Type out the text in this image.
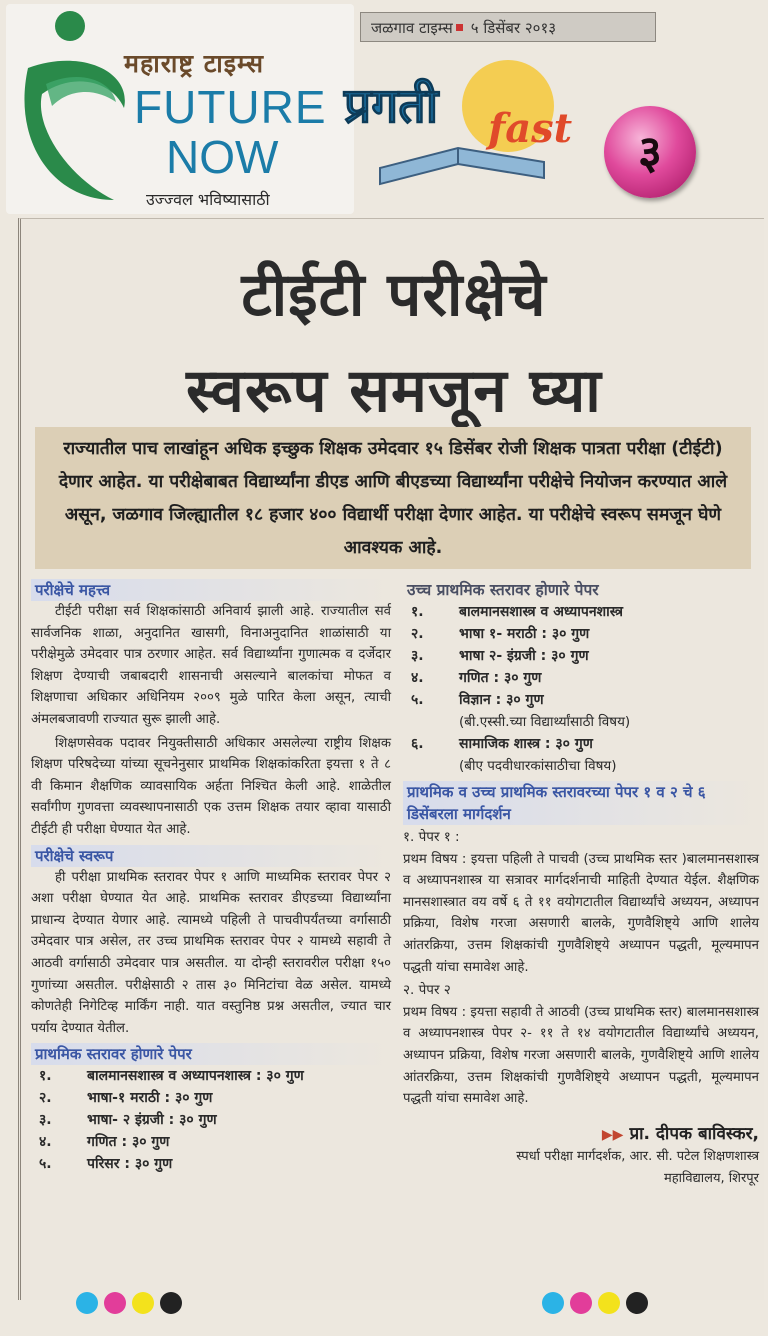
महाराष्ट्र टाइम्स
FUTURE
NOW
उज्ज्वल भविष्यासाठी
जळगाव टाइम्स ५ डिसेंबर २०१३
प्रगती fast	३
टीईटी परीक्षेचे
स्वरूप समजून घ्या
राज्यातील पाच लाखांहून अधिक इच्छुक शिक्षक उमेदवार १५ डिसेंबर रोजी शिक्षक पात्रता परीक्षा (टीईटी) देणार आहेत. या परीक्षेबाबत विद्यार्थ्यांना डीएड आणि बीएडच्या विद्यार्थ्यांना परीक्षेचे नियोजन करण्यात आले असून, जळगाव जिल्ह्यातील १८ हजार ४०० विद्यार्थी परीक्षा देणार आहेत. या परीक्षेचे स्वरूप समजून घेणे आवश्यक आहे.
परीक्षेचे महत्त्व

टीईटी परीक्षा सर्व शिक्षकांसाठी अनिवार्य झाली आहे. राज्यातील सर्व सार्वजनिक शाळा, अनुदानित खासगी, विनाअनुदानित शाळांसाठी या परीक्षेमुळे उमेदवार पात्र ठरणार आहेत. सर्व विद्यार्थ्यांना गुणात्मक व दर्जेदार शिक्षण देण्याची जबाबदारी शासनाची असल्याने बालकांचा मोफत व शिक्षणाचा अधिकार अधिनियम २००९ मुळे पारित केला असून, त्याची अंमलबजावणी राज्यात सुरू झाली आहे.

शिक्षणसेवक पदावर नियुक्तीसाठी अधिकार असलेल्या राष्ट्रीय शिक्षक शिक्षण परिषदेच्या यांच्या सूचनेनुसार प्राथमिक शिक्षकांकरिता इयत्ता १ ते ८ वी किमान शैक्षणिक व्यावसायिक अर्हता निश्चित केली आहे. शाळेतील सर्वांगीण गुणवत्ता व्यवस्थापनासाठी एक उत्तम शिक्षक तयार व्हावा यासाठी टीईटी ही परीक्षा घेण्यात येत आहे.

परीक्षेचे स्वरूप

ही परीक्षा प्राथमिक स्तरावर पेपर १ आणि माध्यमिक स्तरावर पेपर २ अशा परीक्षा घेण्यात येत आहे. प्राथमिक स्तरावर डीएडच्या विद्यार्थ्यांना प्राधान्य देण्यात येणार आहे. त्यामध्ये पहिली ते पाचवीपर्यंतच्या वर्गासाठी उमेदवार पात्र असेल, तर उच्च प्राथमिक स्तरावर पेपर २ यामध्ये सहावी ते आठवी वर्गासाठी उमेदवार पात्र असतील. या दोन्ही स्तरावरील परीक्षा १५० गुणांच्या असतील. परीक्षेसाठी २ तास ३० मिनिटांचा वेळ असेल. यामध्ये कोणतेही निगेटिव्ह मार्किंग नाही. यात वस्तुनिष्ठ प्रश्न असतील, ज्यात चार पर्याय देण्यात येतील.

प्राथमिक स्तरावर होणारे पेपर
१.	बालमानसशास्त्र व अध्यापनशास्त्र : ३० गुण
२.	भाषा-१ मराठी : ३० गुण
३.	भाषा- २ इंग्रजी : ३० गुण
४.	गणित : ३० गुण
५.	परिसर : ३० गुण
उच्च प्राथमिक स्तरावर होणारे पेपर
१.	बालमानसशास्त्र व अध्यापनशास्त्र
२.	भाषा १- मराठी : ३० गुण
३.	भाषा २- इंग्रजी : ३० गुण
४.	गणित : ३० गुण
५.	विज्ञान : ३० गुण
(बी.एस्सी.च्या विद्यार्थ्यांसाठी विषय)
६.	सामाजिक शास्त्र : ३० गुण
(बीए पदवीधारकांसाठीचा विषय)
प्राथमिक व उच्च प्राथमिक स्तरावरच्या पेपर १ व २ चे ६ डिसेंबरला मार्गदर्शन
१. पेपर १ :

प्रथम विषय : इयत्ता पहिली ते पाचवी (उच्च प्राथमिक स्तर )बालमानसशास्त्र व अध्यापनशास्त्र या सत्रावर मार्गदर्शनाची माहिती देण्यात येईल. शैक्षणिक मानसशास्त्रात वय वर्षे ६ ते ११ वयोगटातील विद्यार्थ्यांचे अध्ययन, अध्यापन प्रक्रिया, विशेष गरजा असणारी बालके, गुणवैशिष्ट्ये आणि शालेय आंतरक्रिया, उत्तम शिक्षकांची गुणवैशिष्ट्ये अध्यापन पद्धती, मूल्यमापन पद्धती यांचा समावेश आहे.

२. पेपर २

प्रथम विषय : इयत्ता सहावी ते आठवी (उच्च प्राथमिक स्तर) बालमानसशास्त्र व अध्यापनशास्त्र पेपर २- ११ ते १४ वयोगटातील विद्यार्थ्यांचे अध्ययन, अध्यापन प्रक्रिया, विशेष गरजा असणारी बालके, गुणवैशिष्ट्ये आणि शालेय आंतरक्रिया, उत्तम शिक्षकांची गुणवैशिष्ट्ये अध्यापन पद्धती, मूल्यमापन पद्धती यांचा समावेश आहे.

▶▶ प्रा. दीपक बाविस्कर,
स्पर्धा परीक्षा मार्गदर्शक, आर. सी. पटेल शिक्षणशास्त्र
महाविद्यालय, शिरपूर
